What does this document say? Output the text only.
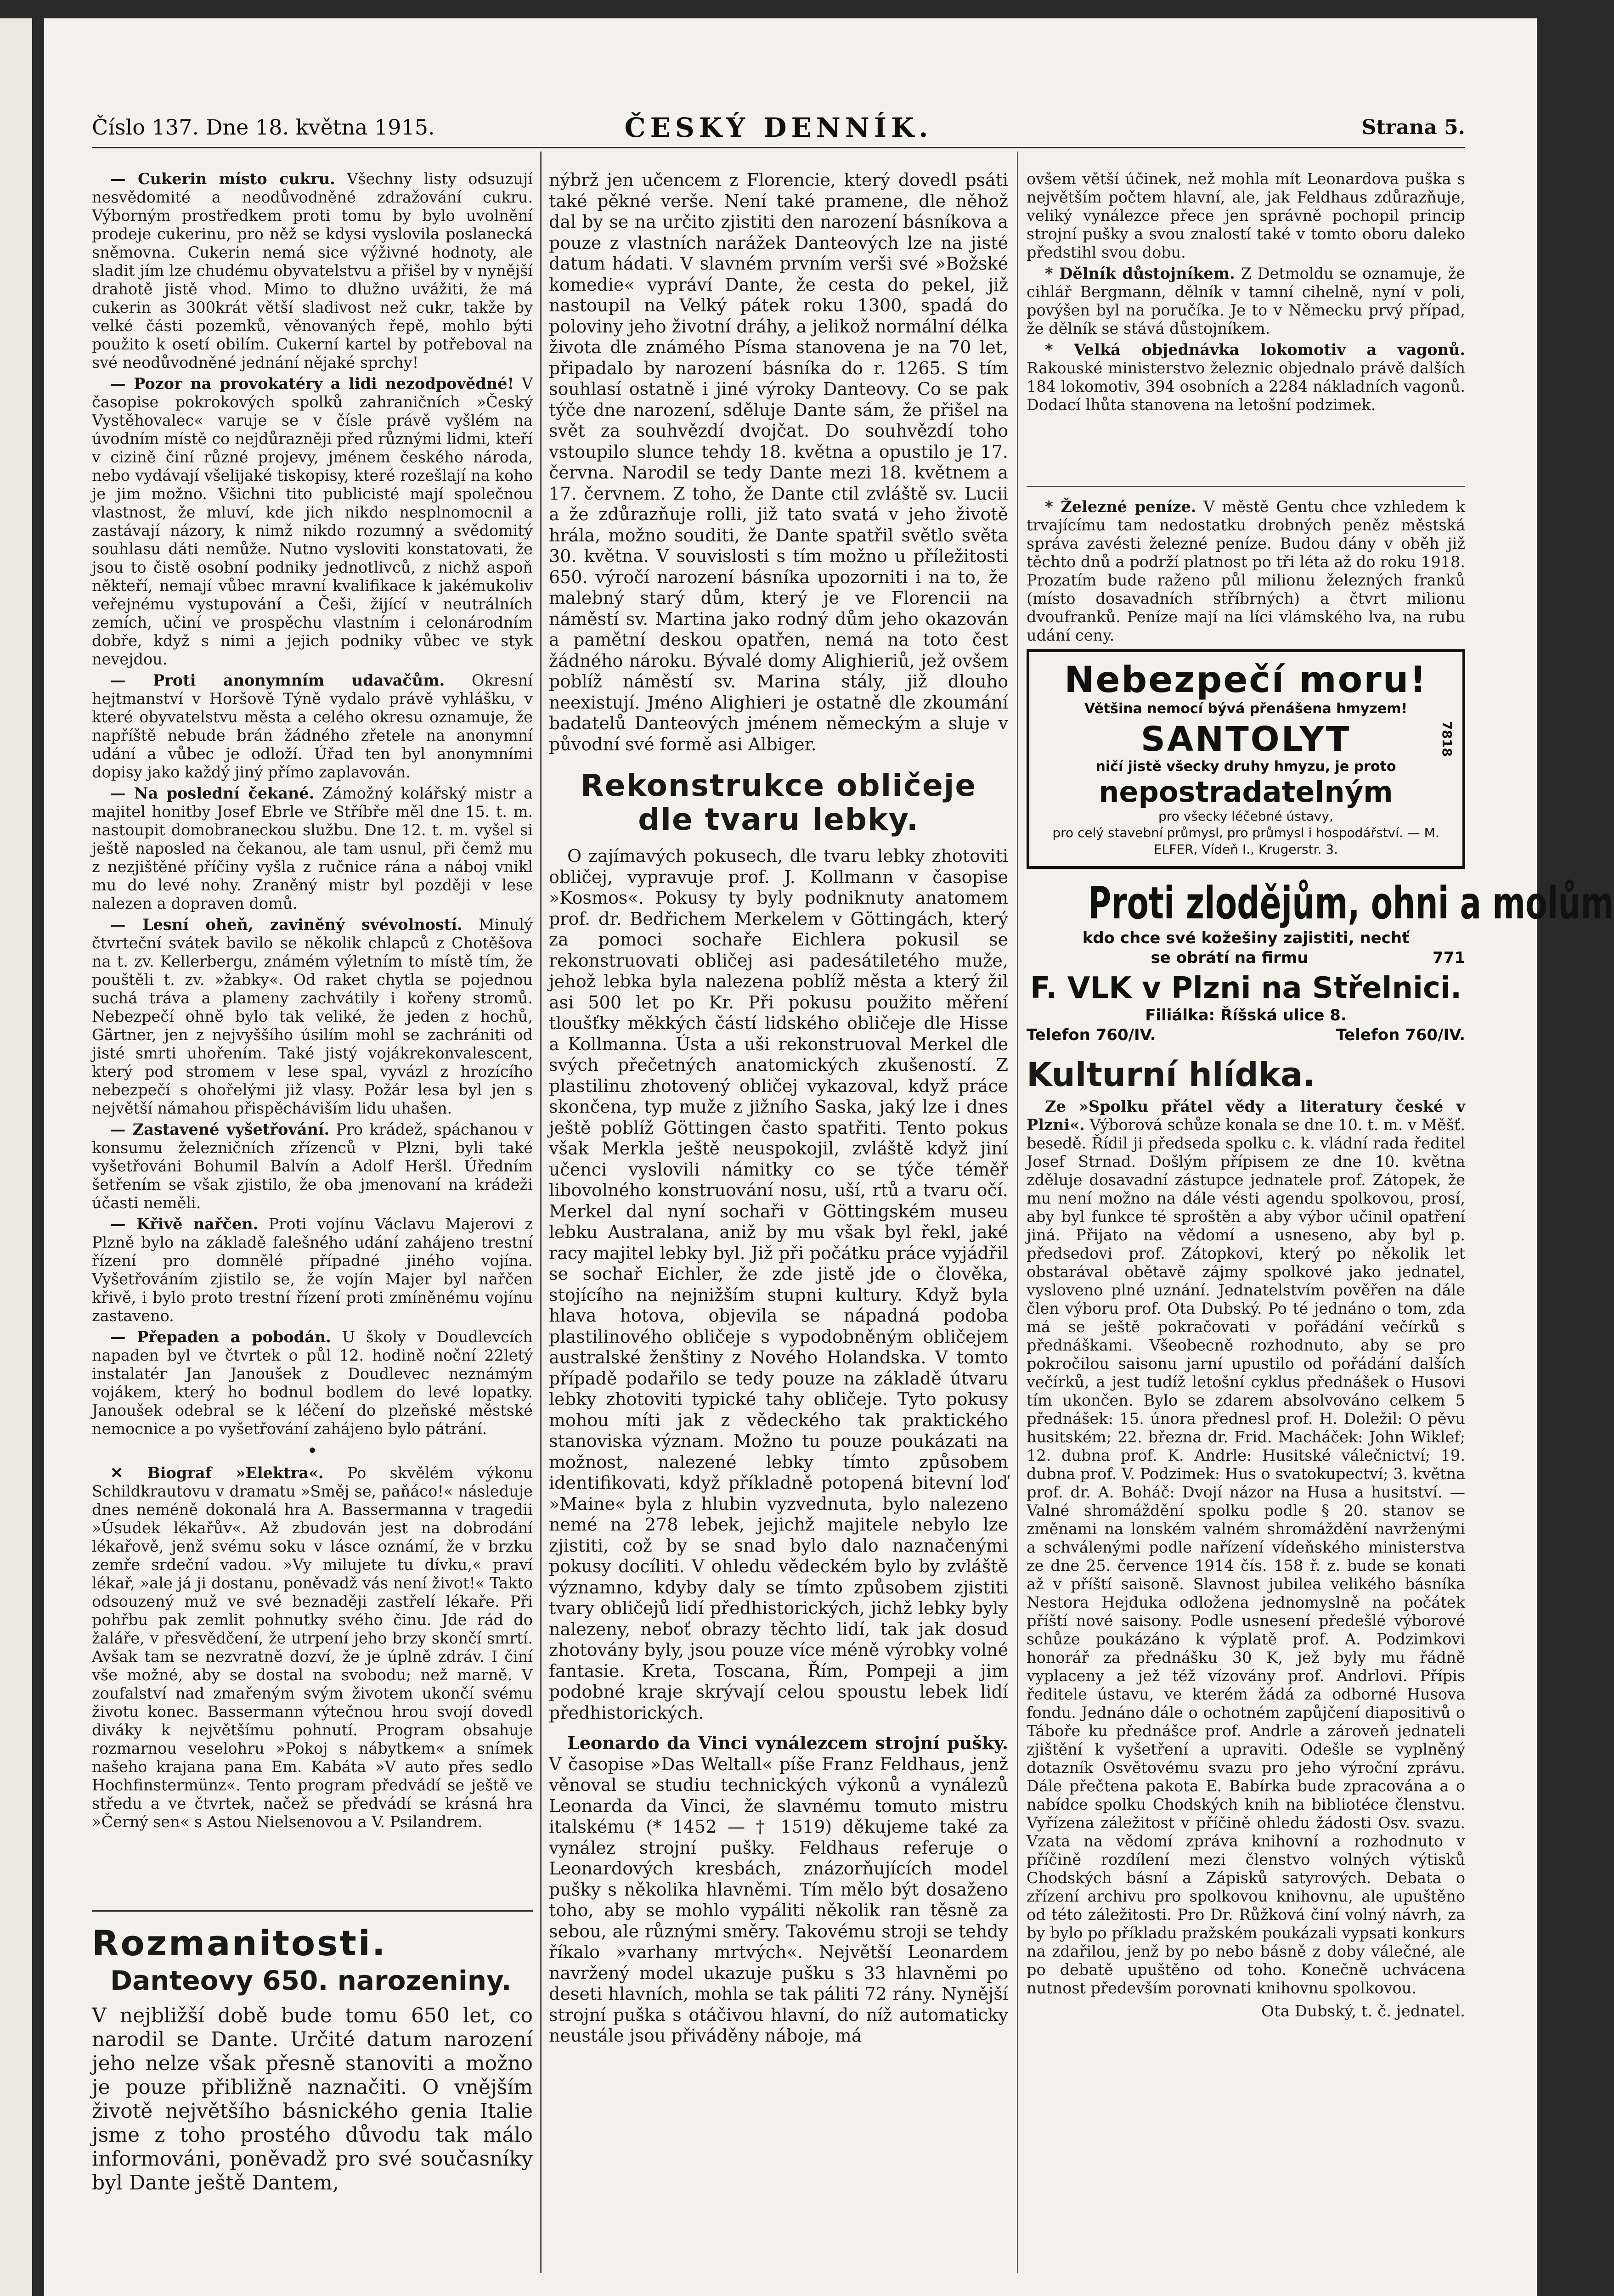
Číslo 137. Dne 18. května 1915.	ČESKÝ DENNÍK.	Strana 5.

— Cukerin místo cukru. Všechny listy odsuzují nesvědomité a neodůvodněné zdražování cukru. Výborným prostředkem proti tomu by bylo uvolnění prodeje cukerinu, pro něž se kdysi vyslovila poslanecká sněmovna. Cukerin nemá sice výživné hodnoty, ale sladit jím lze chudému obyvatelstvu a přišel by v nynější drahotě jistě vhod. Mimo to dlužno uvážiti, že má cukerin as 300krát větší sladivost než cukr, takže by velké části pozemků, věnovaných řepě, mohlo býti použito k osetí obilím. Cukerní kartel by potřeboval na své neodůvodněné jednání nějaké sprchy!

— Pozor na provokatéry a lidi nezodpovědné! V časopise pokrokových spolků zahraničních »Český Vystěhovalec« varuje se v čísle právě vyšlém na úvodním místě co nejdůrazněji před různými lidmi, kteří v cizině činí různé projevy, jménem českého národa, nebo vydávají všelijaké tiskopisy, které rozešlají na koho je jim možno. Všichni tito publicisté mají společnou vlastnost, že mluví, kde jich nikdo nesplnomocnil a zastávají názory, k nimž nikdo rozumný a svědomitý souhlasu dáti nemůže. Nutno vysloviti konstatovati, že jsou to čistě osobní podniky jednotlivců, z nichž aspoň někteří, nemají vůbec mravní kvalifikace k jakémukoliv veřejnému vystupování a Češi, žijící v neutrálních zemích, učiní ve prospěchu vlastním i celonárodním dobře, když s nimi a jejich podniky vůbec ve styk nevejdou.

— Proti anonymním udavačům. Okresní hejtmanství v Horšově Týně vydalo právě vyhlášku, v které obyvatelstvu města a celého okresu oznamuje, že napříště nebude brán žádného zřetele na anonymní udání a vůbec je odloží. Úřad ten byl anonymními dopisy jako každý jiný přímo zaplavován.

— Na poslední čekané. Zámožný kolářský mistr a majitel honitby Josef Ebrle ve Stříbře měl dne 15. t. m. nastoupit domobraneckou službu. Dne 12. t. m. vyšel si ještě naposled na čekanou, ale tam usnul, při čemž mu z nezjištěné příčiny vyšla z ručnice rána a náboj vnikl mu do levé nohy. Zraněný mistr byl později v lese nalezen a dopraven domů.

— Lesní oheň, zaviněný svévolností. Minulý čtvrteční svátek bavilo se několik chlapců z Chotěšova na t. zv. Kellerbergu, známém výletním to místě tím, že pouštěli t. zv. »žabky«. Od raket chytla se pojednou suchá tráva a plameny zachvátily i kořeny stromů. Nebezpečí ohně bylo tak veliké, že jeden z hochů, Gärtner, jen z nejvyššího úsilím mohl se zachrániti od jisté smrti uhořením. Také jistý vojákrekonvalescent, který pod stromem v lese spal, vyvázl z hrozícího nebezpečí s ohořelými již vlasy. Požár lesa byl jen s největší námahou přispěcháviším lidu uhašen.

— Zastavené vyšetřování. Pro krádež, spáchanou v konsumu železničních zřízenců v Plzni, byli také vyšetřováni Bohumil Balvín a Adolf Heršl. Úředním šetřením se však zjistilo, že oba jmenovaní na krádeži účasti neměli.

— Křivě nařčen. Proti vojínu Václavu Majerovi z Plzně bylo na základě falešného udání zahájeno trestní řízení pro domnělé případné jiného vojína. Vyšetřováním zjistilo se, že vojín Majer byl nařčen křivě, i bylo proto trestní řízení proti zmíněnému vojínu zastaveno.

— Přepaden a pobodán. U školy v Doudlevcích napaden byl ve čtvrtek o půl 12. hodině noční 22letý instalatér Jan Janoušek z Doudlevec neznámým vojákem, který ho bodnul bodlem do levé lopatky. Janoušek odebral se k léčení do plzeňské městské nemocnice a po vyšetřování zahájeno bylo pátrání.

•

✕ Biograf »Elektra«. Po skvělém výkonu Schildkrautovu v dramatu »Směj se, paňáco!« následuje dnes neméně dokonalá hra A. Bassermanna v tragedii »Úsudek lékařův«. Až zbudován jest na dobrodání lékařově, jenž svému soku v lásce oznámí, že v brzku zemře srdeční vadou. »Vy milujete tu dívku,« praví lékař, »ale já ji dostanu, poněvadž vás není život!« Takto odsouzený muž ve své beznaději zastřelí lékaře. Při pohřbu pak zemlit pohnutky svého činu. Jde rád do žaláře, v přesvědčení, že utrpení jeho brzy skončí smrtí. Avšak tam se nezvratně dozví, že je úplně zdráv. I činí vše možné, aby se dostal na svobodu; než marně. V zoufalství nad zmařeným svým životem ukončí svému životu konec. Bassermann výtečnou hrou svojí dovedl diváky k největšímu pohnutí. Program obsahuje rozmarnou veselohru »Pokoj s nábytkem« a snímek našeho krajana pana Em. Kabáta »V auto přes sedlo Hochfinstermünz«. Tento program předvádí se ještě ve středu a ve čtvrtek, načež se předvádí se krásná hra »Černý sen« s Astou Nielsenovou a V. Psilandrem.

Rozmanitosti.
Danteovy 650. narozeniny.
V nejbližší době bude tomu 650 let, co narodil se Dante. Určité datum narození jeho nelze však přesně stanoviti a možno je pouze přibližně naznačiti. O vnějším životě největšího básnického genia Italie jsme z toho prostého důvodu tak málo informováni, poněvadž pro své současníky byl Dante ještě Dantem,

nýbrž jen učencem z Florencie, který dovedl psáti také pěkné verše. Není také pramene, dle něhož dal by se na určito zjistiti den narození básníkova a pouze z vlastních narážek Danteových lze na jisté datum hádati. V slavném prvním verši své »Božské komedie« vypráví Dante, že cesta do pekel, již nastoupil na Velký pátek roku 1300, spadá do poloviny jeho životní dráhy, a jelikož normální délka života dle známého Písma stanovena je na 70 let, připadalo by narození básníka do r. 1265. S tím souhlasí ostatně i jiné výroky Danteovy. Co se pak týče dne narození, sděluje Dante sám, že přišel na svět za souhvězdí dvojčat. Do souhvězdí toho vstoupilo slunce tehdy 18. května a opustilo je 17. června. Narodil se tedy Dante mezi 18. květnem a 17. červnem. Z toho, že Dante ctil zvláště sv. Lucii a že zdůrazňuje rolli, již tato svatá v jeho životě hrála, možno souditi, že Dante spatřil světlo světa 30. května. V souvislosti s tím možno u příležitosti 650. výročí narození básníka upozorniti i na to, že malebný starý dům, který je ve Florencii na náměstí sv. Martina jako rodný dům jeho okazován a pamětní deskou opatřen, nemá na toto čest žádného nároku. Bývalé domy Alighieriů, jež ovšem poblíž náměstí sv. Marina stály, již dlouho neexistují. Jméno Alighieri je ostatně dle zkoumání badatelů Danteových jménem německým a sluje v původní své formě asi Albiger.

Rekonstrukce obličeje dle tvaru lebky.

O zajímavých pokusech, dle tvaru lebky zhotoviti obličej, vypravuje prof. J. Kollmann v časopise »Kosmos«. Pokusy ty byly podniknuty anatomem prof. dr. Bedřichem Merkelem v Göttingách, který za pomoci sochaře Eichlera pokusil se rekonstruovati obličej asi padesátiletého muže, jehož lebka byla nalezena poblíž města a který žil asi 500 let po Kr. Při pokusu použito měření tloušťky měkkých částí lidského obličeje dle Hisse a Kollmanna. Ústa a uši rekonstruoval Merkel dle svých přečetných anatomických zkušeností. Z plastilinu zhotovený obličej vykazoval, když práce skončena, typ muže z jižního Saska, jaký lze i dnes ještě poblíž Göttingen často spatřiti. Tento pokus však Merkla ještě neuspokojil, zvláště když jiní učenci vyslovili námitky co se týče téměř libovolného konstruování nosu, uší, rtů a tvaru očí. Merkel dal nyní sochaři v Göttingském museu lebku Australana, aniž by mu však byl řekl, jaké racy majitel lebky byl. Již při počátku práce vyjádřil se sochař Eichler, že zde jistě jde o člověka, stojícího na nejnižším stupni kultury. Když byla hlava hotova, objevila se nápadná podoba plastilinového obličeje s vypodobněným obličejem australské ženštiny z Nového Holandska. V tomto případě podařilo se tedy pouze na základě útvaru lebky zhotoviti typické tahy obličeje. Tyto pokusy mohou míti jak z vědeckého tak praktického stanoviska význam. Možno tu pouze poukázati na možnost, nalezené lebky tímto způsobem identifikovati, když příkladně potopená bitevní loď »Maine« byla z hlubin vyzvednuta, bylo nalezeno nemé na 278 lebek, jejichž majitele nebylo lze zjistiti, což by se snad bylo dalo naznačenými pokusy docíliti. V ohledu vědeckém bylo by zvláště významno, kdyby daly se tímto způsobem zjistiti tvary obličejů lidí předhistorických, jichž lebky byly nalezeny, neboť obrazy těchto lidí, tak jak dosud zhotovány byly, jsou pouze více méně výrobky volné fantasie. Kreta, Toscana, Řím, Pompeji a jim podobné kraje skrývají celou spoustu lebek lidí předhistorických.

Leonardo da Vinci vynálezcem strojní pušky. V časopise »Das Weltall« píše Franz Feldhaus, jenž věnoval se studiu technických výkonů a vynálezů Leonarda da Vinci, že slavnému tomuto mistru italskému (* 1452 — † 1519) děkujeme také za vynález strojní pušky. Feldhaus referuje o Leonardových kresbách, znázorňujících model pušky s několika hlavněmi. Tím mělo být dosaženo toho, aby se mohlo vypáliti několik ran těsně za sebou, ale různými směry. Takovému stroji se tehdy říkalo »varhany mrtvých«. Největší Leonardem navržený model ukazuje pušku s 33 hlavněmi po deseti hlavních, mohla se tak páliti 72 rány. Nynější strojní puška s otáčivou hlavní, do níž automaticky neustále jsou přiváděny náboje, má

ovšem větší účinek, než mohla mít Leonardova puška s největším počtem hlavní, ale, jak Feldhaus zdůrazňuje, veliký vynálezce přece jen správně pochopil princip strojní pušky a svou znalostí také v tomto oboru daleko předstihl svou dobu.

* Dělník důstojníkem. Z Detmoldu se oznamuje, že cihlář Bergmann, dělník v tamní cihelně, nyní v poli, povýšen byl na poručíka. Je to v Německu prvý případ, že dělník se stává důstojníkem.

* Velká objednávka lokomotiv a vagonů. Rakouské ministerstvo železnic objednalo právě dalších 184 lokomotiv, 394 osobních a 2284 nákladních vagonů. Dodací lhůta stanovena na letošní podzimek.

* Železné peníze. V městě Gentu chce vzhledem k trvajícímu tam nedostatku drobných peněz městská správa zavésti železné peníze. Budou dány v oběh již těchto dnů a podrží platnost po tři léta až do roku 1918. Prozatím bude raženo půl milionu železných franků (místo dosavadních stříbrných) a čtvrt milionu dvoufranků. Peníze mají na líci vlámského lva, na rubu udání ceny.

Nebezpečí moru!
Většina nemocí bývá přenášena hmyzem!
SANTOLYT
ničí jistě všecky druhy hmyzu, je proto
nepostradatelným
pro všecky léčebné ústavy,
pro celý stavební průmysl, pro průmysl i hospodářství. — M. ELFER, Vídeň I., Krugerstr. 3.
7818
Proti zlodějům, ohni a molům
kdo chce své kožešiny zajistiti, nechť
se obrátí na firmu	771
F. VLK v Plzni na Střelnici.
Filiálka: Říšská ulice 8.
Telefon 760/IV.	Telefon 760/IV.
Kulturní hlídka.

Ze »Spolku přátel vědy a literatury české v Plzni«. Výborová schůze konala se dne 10. t. m. v Měšť. besedě. Řídil ji předseda spolku c. k. vládní rada ředitel Josef Strnad. Došlým přípisem ze dne 10. května zděluje dosavadní zástupce jednatele prof. Zátopek, že mu není možno na dále vésti agendu spolkovou, prosí, aby byl funkce té sproštěn a aby výbor učinil opatření jiná. Přijato na vědomí a usneseno, aby byl p. předsedovi prof. Zátopkovi, který po několik let obstarával obětavě zájmy spolkové jako jednatel, vysloveno plné uznání. Jednatelstvím pověřen na dále člen výboru prof. Ota Dubský. Po té jednáno o tom, zda má se ještě pokračovati v pořádání večírků s přednáškami. Všeobecně rozhodnuto, aby se pro pokročilou saisonu jarní upustilo od pořádání dalších večírků, a jest tudíž letošní cyklus přednášek o Husovi tím ukončen. Bylo se zdarem absolvováno celkem 5 přednášek: 15. února přednesl prof. H. Doležil: O pěvu husitském; 22. března dr. Frid. Macháček: John Wiklef; 12. dubna prof. K. Andrle: Husitské válečnictví; 19. dubna prof. V. Podzimek: Hus o svatokupectví; 3. května prof. dr. A. Boháč: Dvojí názor na Husa a husitství. — Valné shromáždění spolku podle § 20. stanov se změnami na lonském valném shromáždění navrženými a schválenými podle nařízení vídeňského ministerstva ze dne 25. července 1914 čís. 158 ř. z. bude se konati až v příští saisoně. Slavnost jubilea velikého básníka Nestora Hejduka odložena jednomyslně na počátek příští nové saisony. Podle usnesení předešlé výborové schůze poukázáno k výplatě prof. A. Podzimkovi honorář za přednášku 30 K, jež byly mu řádně vyplaceny a jež též vízovány prof. Andrlovi. Přípis ředitele ústavu, ve kterém žádá za odborné Husova fondu. Jednáno dále o ochotném zapůjčení diapositivů o Táboře ku přednášce prof. Andrle a zároveň jednateli zjištění k vyšetření a upraviti. Odešle se vyplněný dotazník Osvětovému svazu pro jeho výroční zprávu. Dále přečtena pakota E. Babírka bude zpracována a o nabídce spolku Chodských knih na bibliotéce členstvu. Vyřízena záležitost v příčině ohledu žádosti Osv. svazu. Vzata na vědomí zpráva knihovní a rozhodnuto v příčině rozdílení mezi členstvo volných výtisků Chodských básní a Zápisků satyrových. Debata o zřízení archivu pro spolkovou knihovnu, ale upuštěno od této záležitosti. Pro Dr. Růžková činí volný návrh, za by bylo po příkladu pražském poukázali vypsati konkurs na zdařilou, jenž by po nebo básně z doby válečné, ale po debatě upuštěno od toho. Konečně uchvácena nutnost především porovnati knihovnu spolkovou.

Ota Dubský, t. č. jednatel.
